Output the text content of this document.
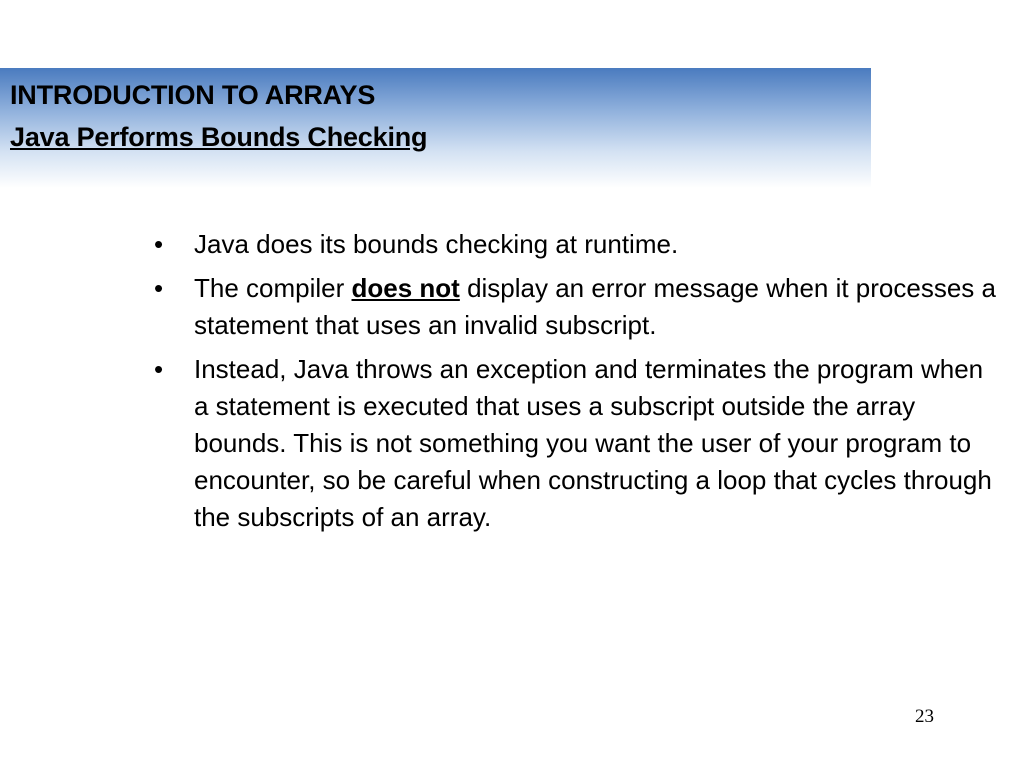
INTRODUCTION TO ARRAYS
Java Performs Bounds Checking
• Java does its bounds checking at runtime.
• The compiler does not display an error message when it processes a statement that uses an invalid subscript.
• Instead, Java throws an exception and terminates the program when a statement is executed that uses a subscript outside the array bounds. This is not something you want the user of your program to encounter, so be careful when constructing a loop that cycles through the subscripts of an array.
23
